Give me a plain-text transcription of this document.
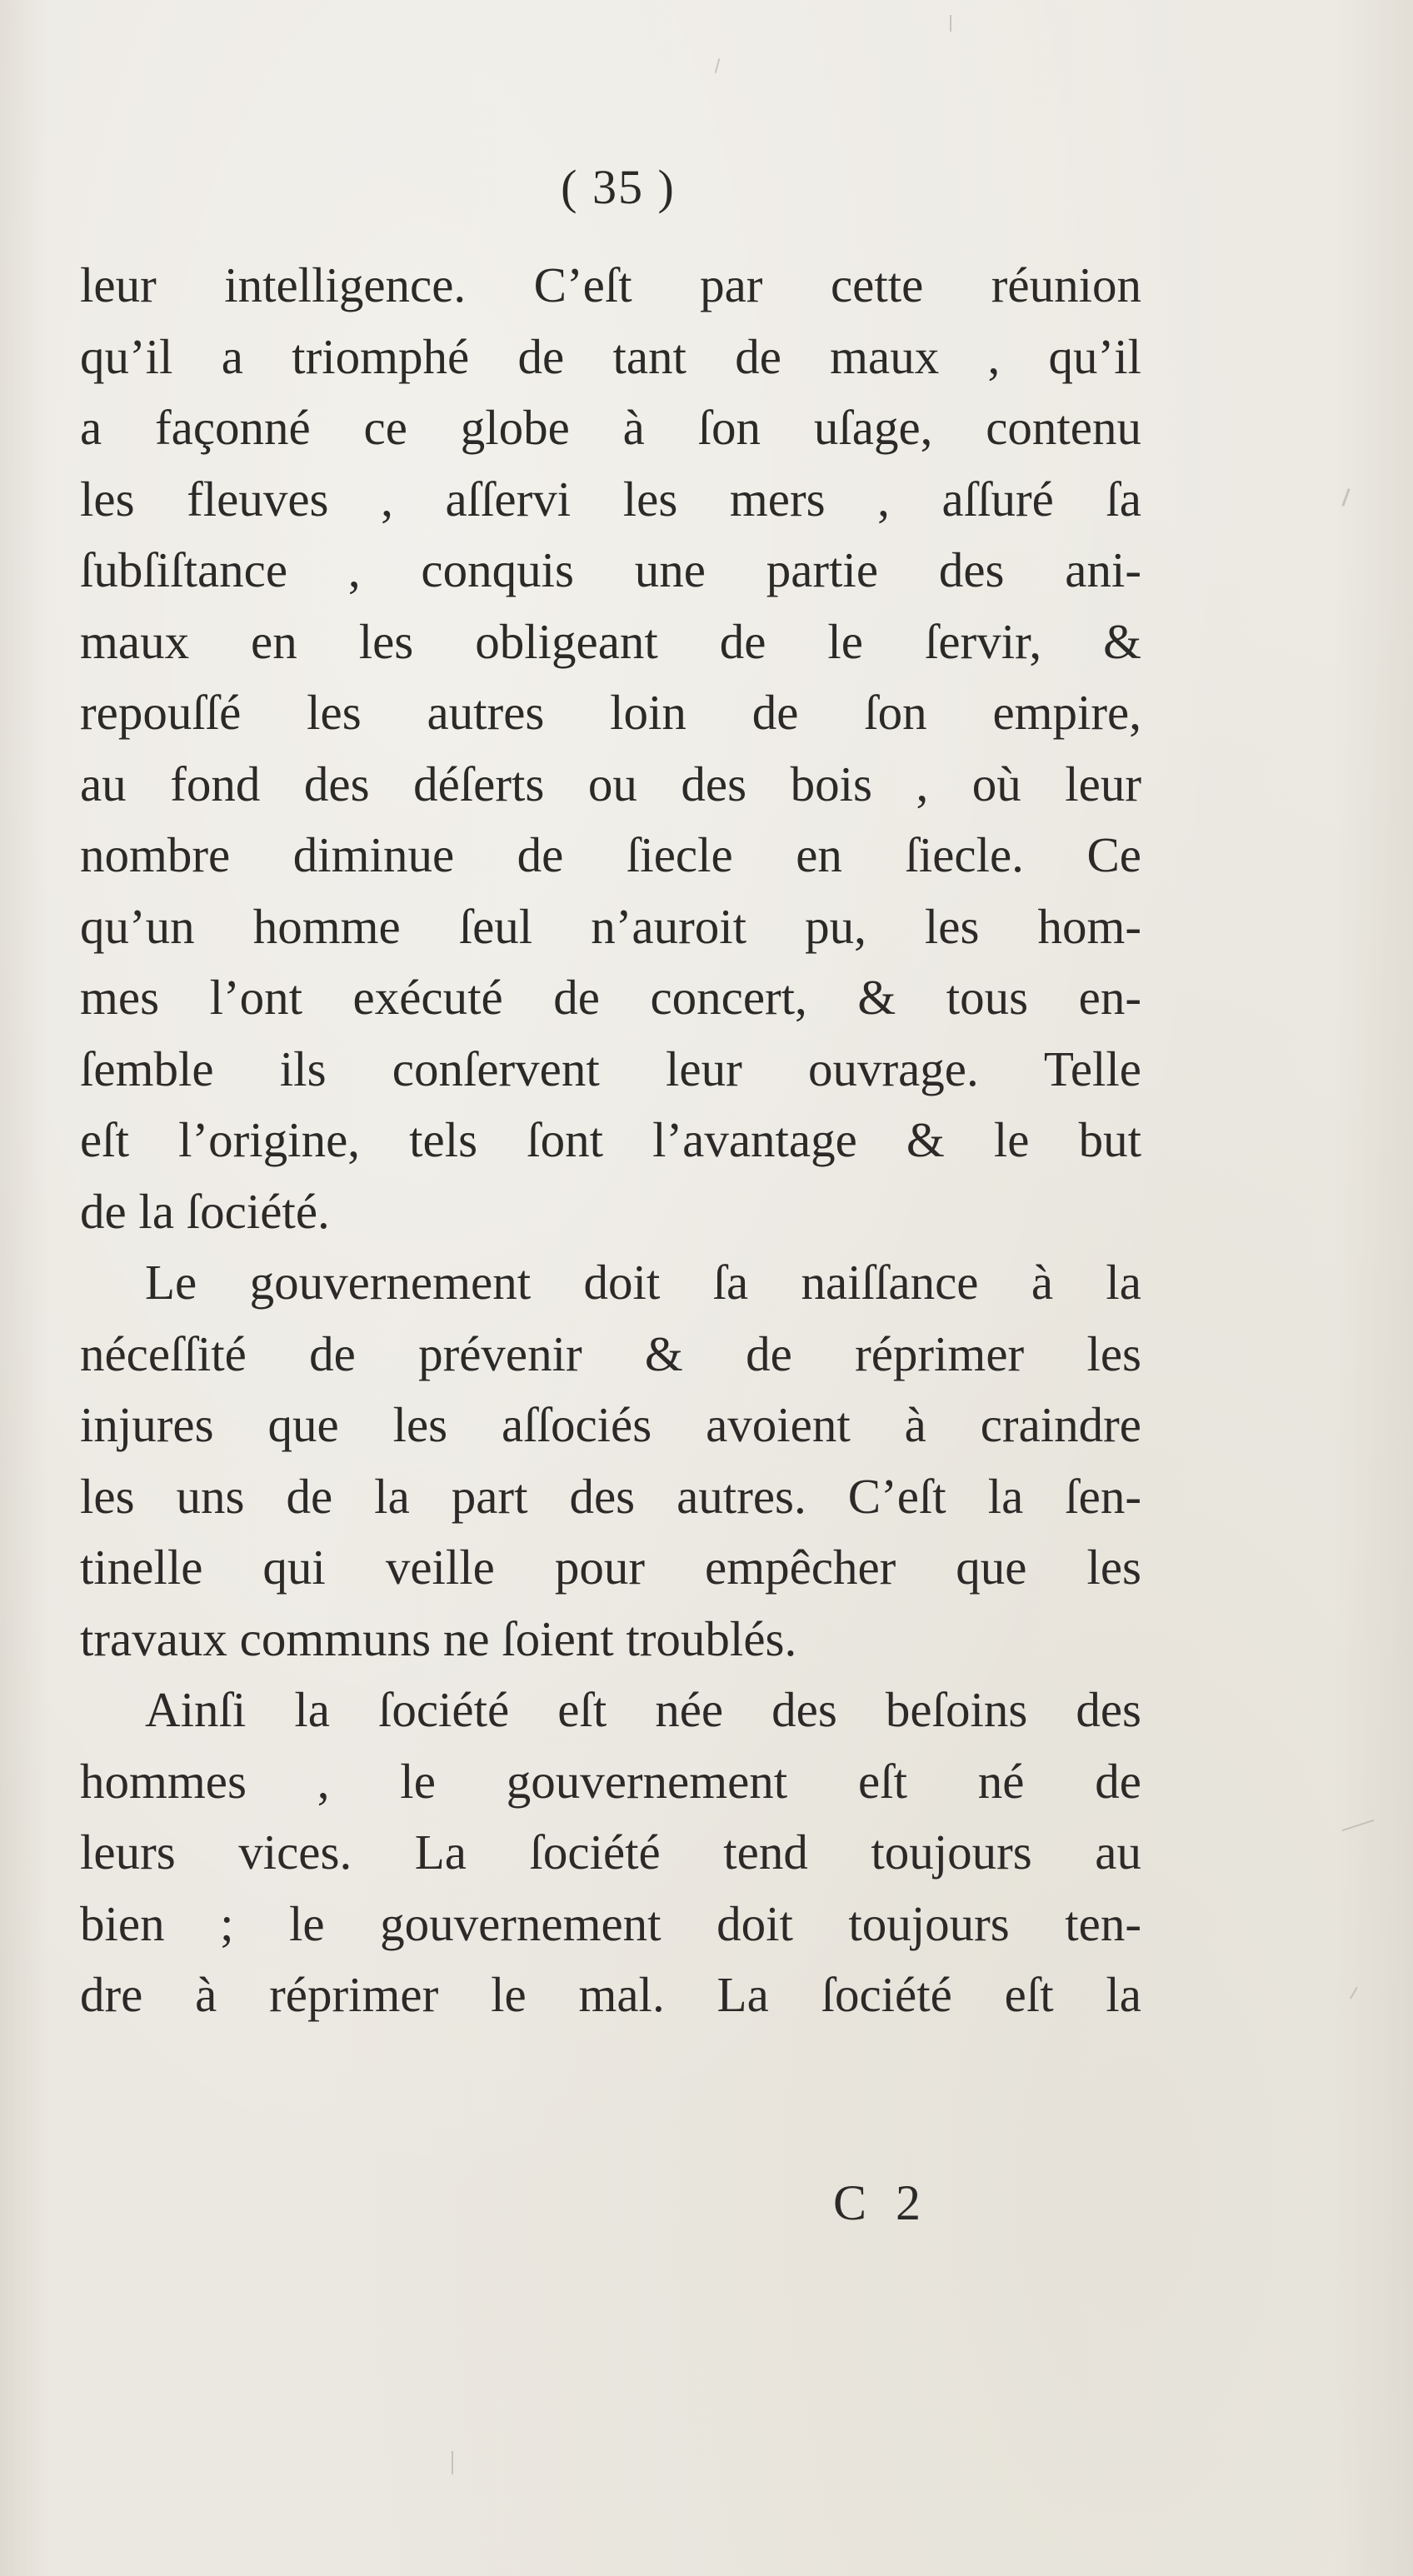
( 35 )
leur intelligence. C’eſt par cette réunion
qu’il a triomphé de tant de maux , qu’il
a façonné ce globe à ſon uſage, contenu
les fleuves , aſſervi les mers , aſſuré ſa
ſubſiſtance , conquis une partie des ani-
maux en les obligeant de le ſervir, &
repouſſé les autres loin de ſon empire,
au fond des déſerts ou des bois , où leur
nombre diminue de ſiecle en ſiecle. Ce
qu’un homme ſeul n’auroit pu, les hom-
mes l’ont exécuté de concert, & tous en-
ſemble ils conſervent leur ouvrage. Telle
eſt l’origine, tels ſont l’avantage & le but
de la ſociété.
Le gouvernement doit ſa naiſſance à la
néceſſité de prévenir & de réprimer les
injures que les aſſociés avoient à craindre
les uns de la part des autres. C’eſt la ſen-
tinelle qui veille pour empêcher que les
travaux communs ne ſoient troublés.
Ainſi la ſociété eſt née des beſoins des
hommes , le gouvernement eſt né de
leurs vices. La ſociété tend toujours au
bien ; le gouvernement doit toujours ten-
dre à réprimer le mal. La ſociété eſt la
C 2
